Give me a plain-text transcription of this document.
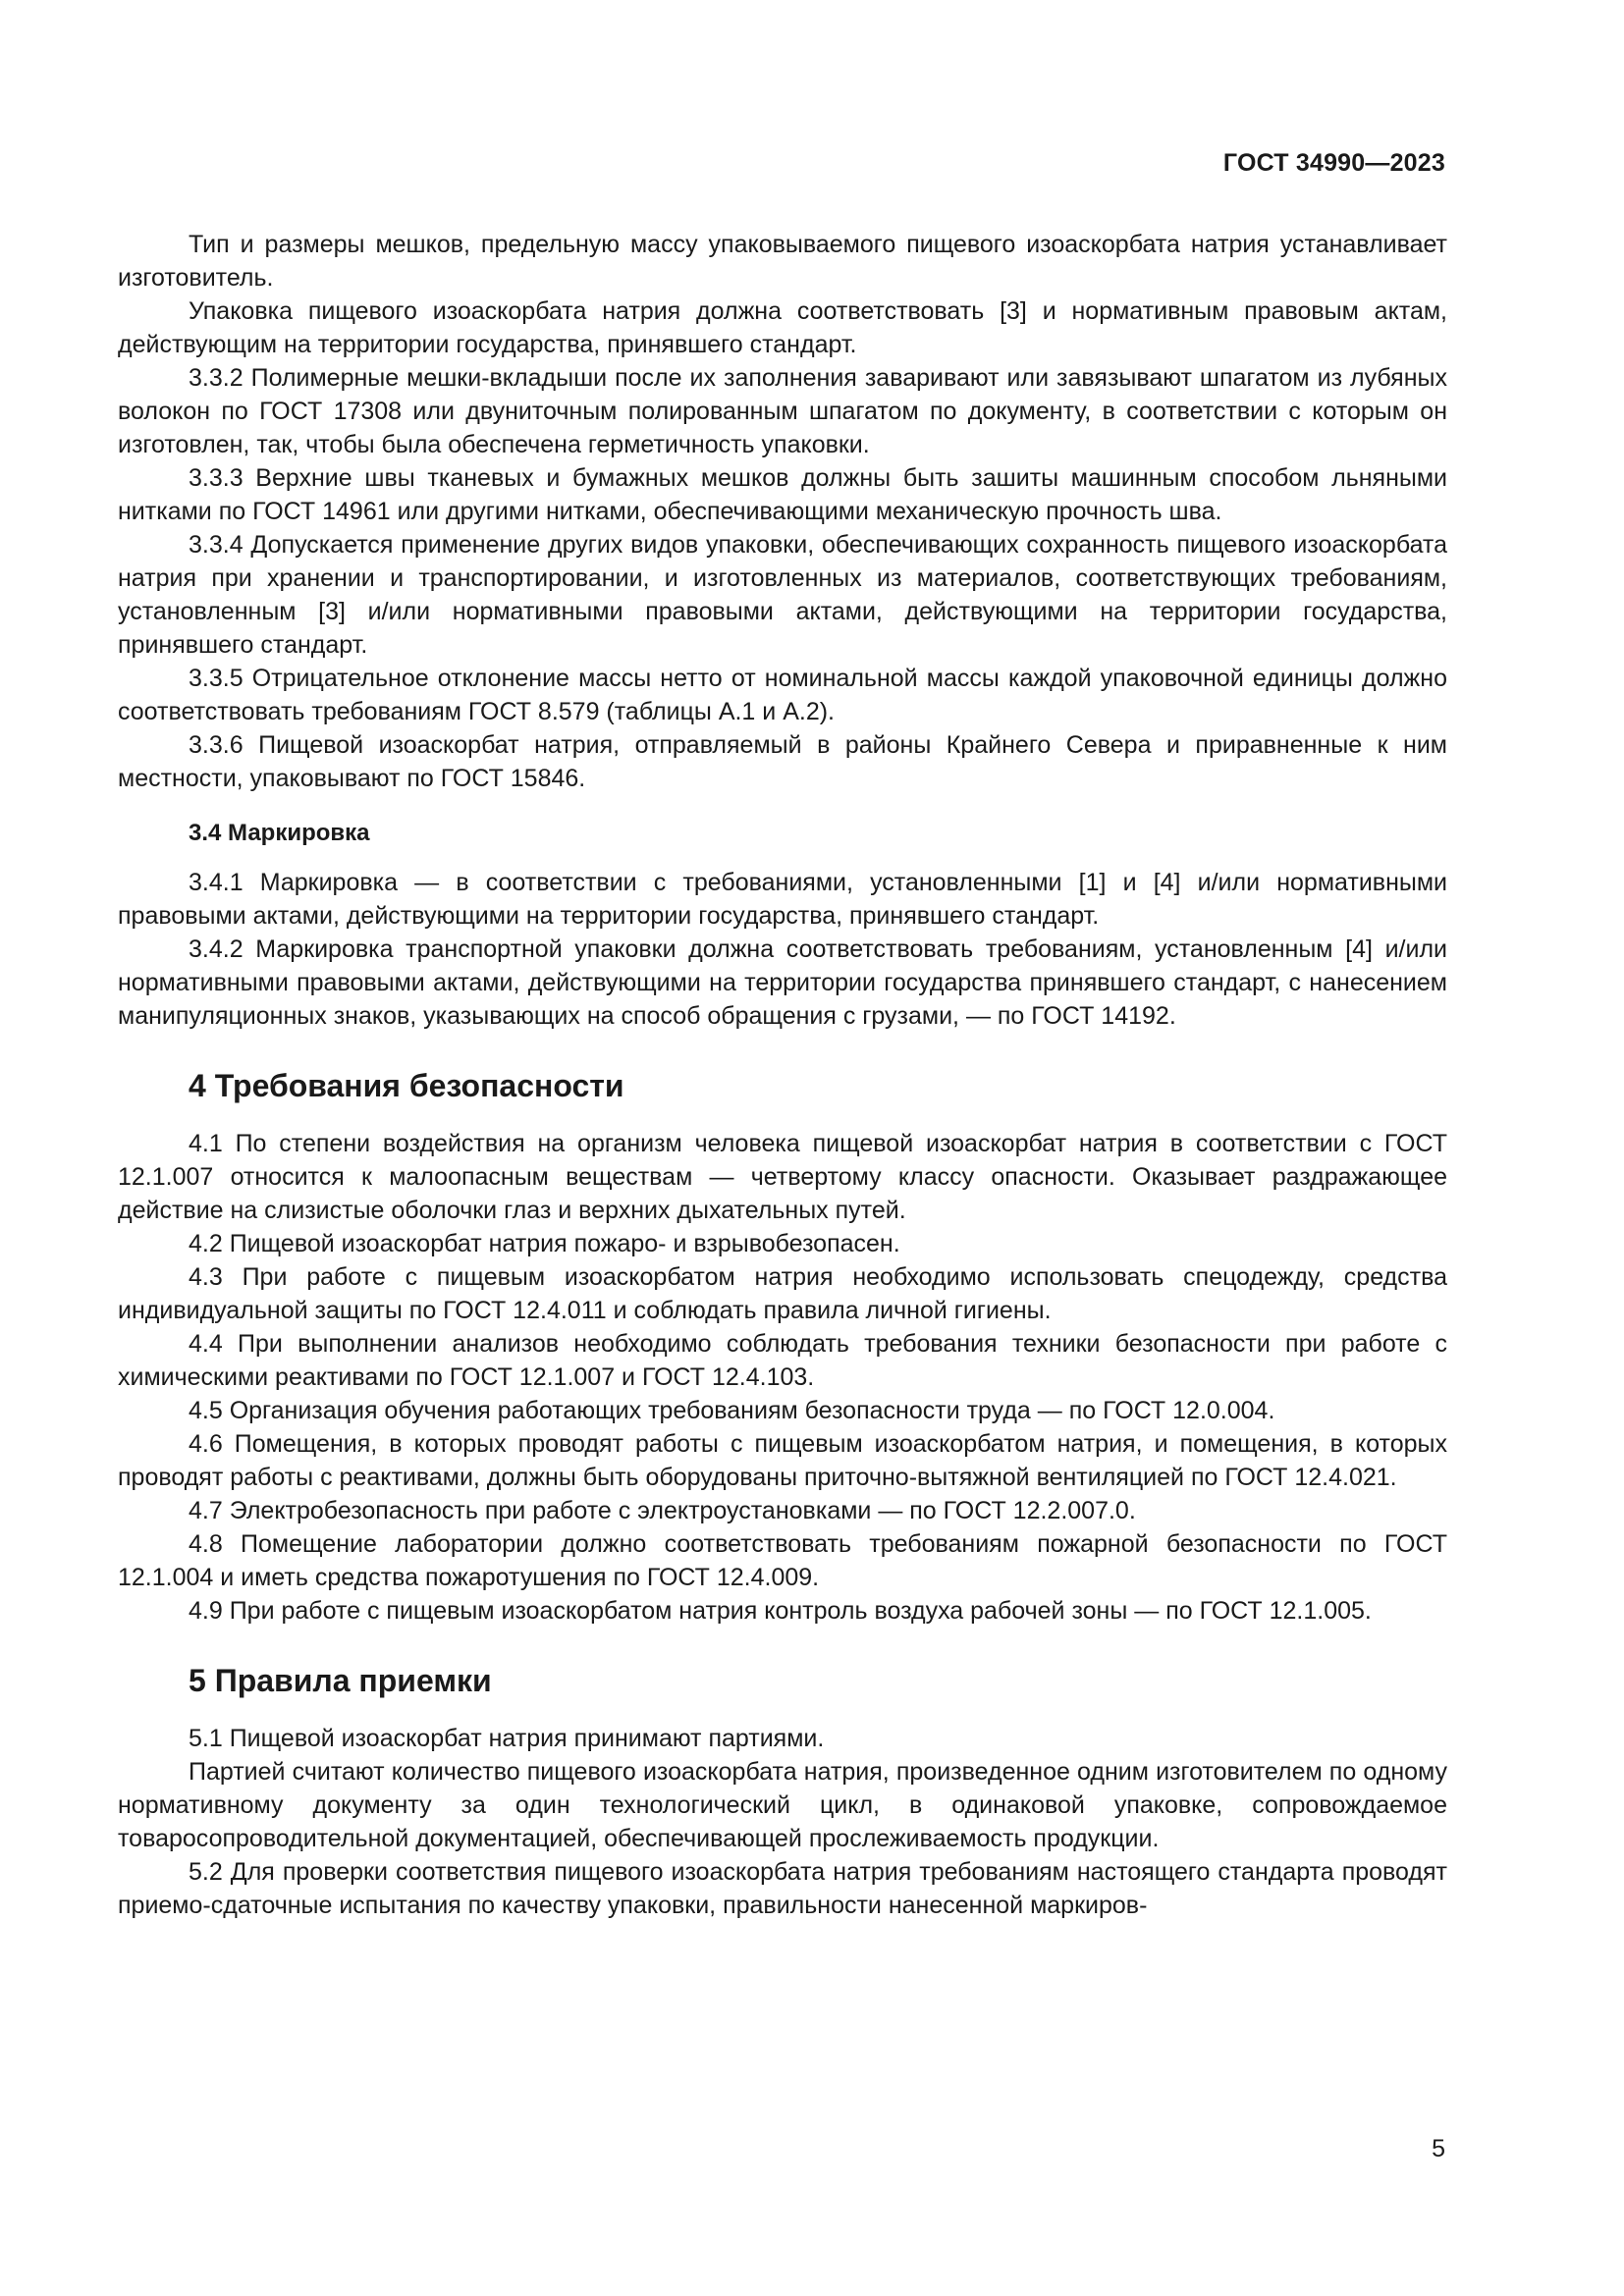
ГОСТ 34990—2023

Тип и размеры мешков, предельную массу упаковываемого пищевого изоаскорбата натрия устанавливает изготовитель.

Упаковка пищевого изоаскорбата натрия должна соответствовать [3] и нормативным правовым актам, действующим на территории государства, принявшего стандарт.

3.3.2 Полимерные мешки-вкладыши после их заполнения заваривают или завязывают шпагатом из лубяных волокон по ГОСТ 17308 или двуниточным полированным шпагатом по документу, в соответствии с которым он изготовлен, так, чтобы была обеспечена герметичность упаковки.

3.3.3 Верхние швы тканевых и бумажных мешков должны быть зашиты машинным способом льняными нитками по ГОСТ 14961 или другими нитками, обеспечивающими механическую прочность шва.

3.3.4 Допускается применение других видов упаковки, обеспечивающих сохранность пищевого изоаскорбата натрия при хранении и транспортировании, и изготовленных из материалов, соответствующих требованиям, установленным [3] и/или нормативными правовыми актами, действующими на территории государства, принявшего стандарт.

3.3.5 Отрицательное отклонение массы нетто от номинальной массы каждой упаковочной единицы должно соответствовать требованиям ГОСТ 8.579 (таблицы А.1 и А.2).

3.3.6 Пищевой изоаскорбат натрия, отправляемый в районы Крайнего Севера и приравненные к ним местности, упаковывают по ГОСТ 15846.

3.4 Маркировка

3.4.1 Маркировка — в соответствии с требованиями, установленными [1] и [4] и/или нормативными правовыми актами, действующими на территории государства, принявшего стандарт.

3.4.2 Маркировка транспортной упаковки должна соответствовать требованиям, установленным [4] и/или нормативными правовыми актами, действующими на территории государства принявшего стандарт, с нанесением манипуляционных знаков, указывающих на способ обращения с грузами, — по ГОСТ 14192.

4 Требования безопасности

4.1 По степени воздействия на организм человека пищевой изоаскорбат натрия в соответствии с ГОСТ 12.1.007 относится к малоопасным веществам — четвертому классу опасности. Оказывает раздражающее действие на слизистые оболочки глаз и верхних дыхательных путей.

4.2 Пищевой изоаскорбат натрия пожаро- и взрывобезопасен.

4.3 При работе с пищевым изоаскорбатом натрия необходимо использовать спецодежду, средства индивидуальной защиты по ГОСТ 12.4.011 и соблюдать правила личной гигиены.

4.4 При выполнении анализов необходимо соблюдать требования техники безопасности при работе с химическими реактивами по ГОСТ 12.1.007 и ГОСТ 12.4.103.

4.5 Организация обучения работающих требованиям безопасности труда — по ГОСТ 12.0.004.

4.6 Помещения, в которых проводят работы с пищевым изоаскорбатом натрия, и помещения, в которых проводят работы с реактивами, должны быть оборудованы приточно-вытяжной вентиляцией по ГОСТ 12.4.021.

4.7 Электробезопасность при работе с электроустановками — по ГОСТ 12.2.007.0.

4.8 Помещение лаборатории должно соответствовать требованиям пожарной безопасности по ГОСТ 12.1.004 и иметь средства пожаротушения по ГОСТ 12.4.009.

4.9 При работе с пищевым изоаскорбатом натрия контроль воздуха рабочей зоны — по ГОСТ 12.1.005.

5 Правила приемки

5.1 Пищевой изоаскорбат натрия принимают партиями.

Партией считают количество пищевого изоаскорбата натрия, произведенное одним изготовителем по одному нормативному документу за один технологический цикл, в одинаковой упаковке, сопровождаемое товаросопроводительной документацией, обеспечивающей прослеживаемость продукции.

5.2 Для проверки соответствия пищевого изоаскорбата натрия требованиям настоящего стандарта проводят приемо-сдаточные испытания по качеству упаковки, правильности нанесенной маркиров-

5
